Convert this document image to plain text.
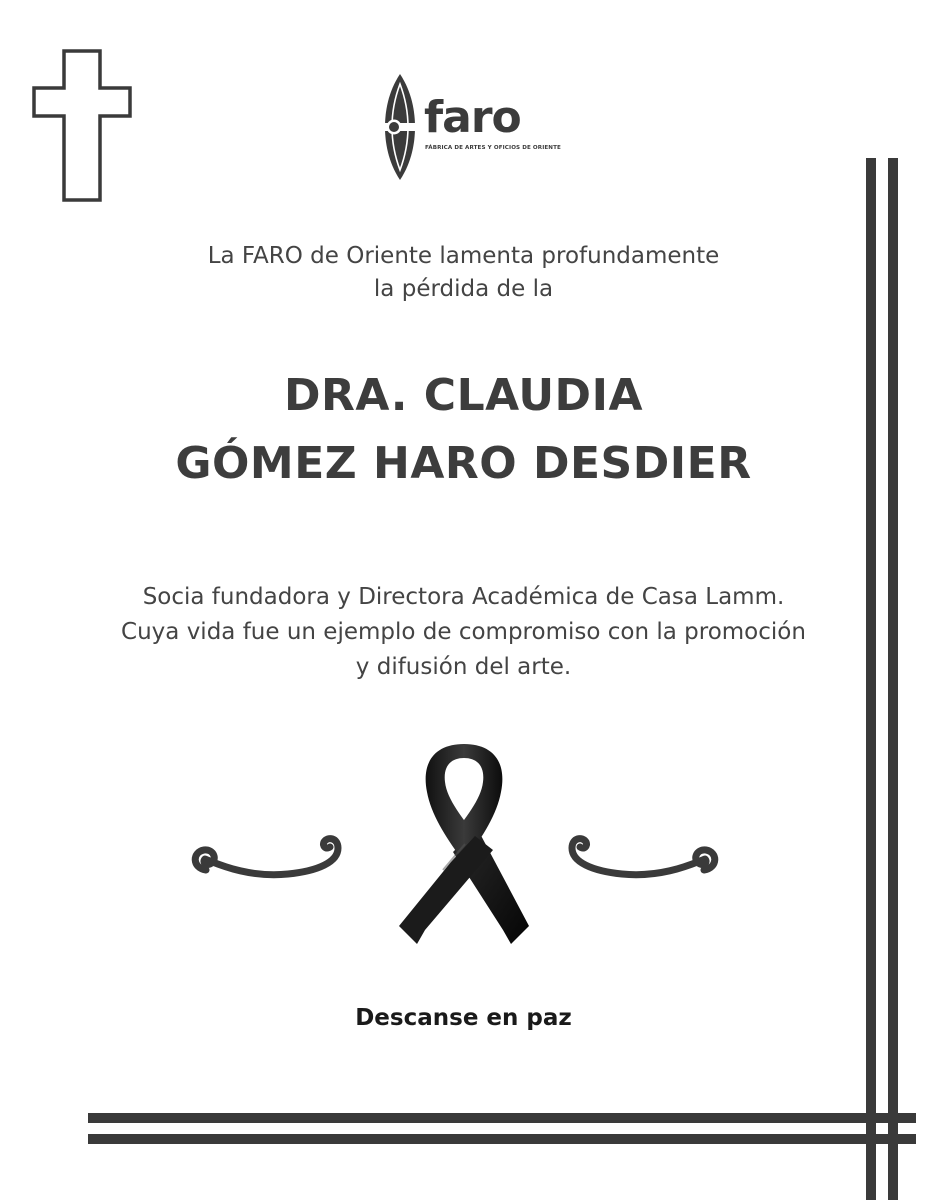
faro
FÁBRICA DE ARTES Y OFICIOS DE ORIENTE
La FARO de Oriente lamenta profundamente
la pérdida de la
DRA. CLAUDIA
GÓMEZ HARO DESDIER
Socia fundadora y Directora Académica de Casa Lamm.
Cuya vida fue un ejemplo de compromiso con la promoción
y difusión del arte.
Descanse en paz
